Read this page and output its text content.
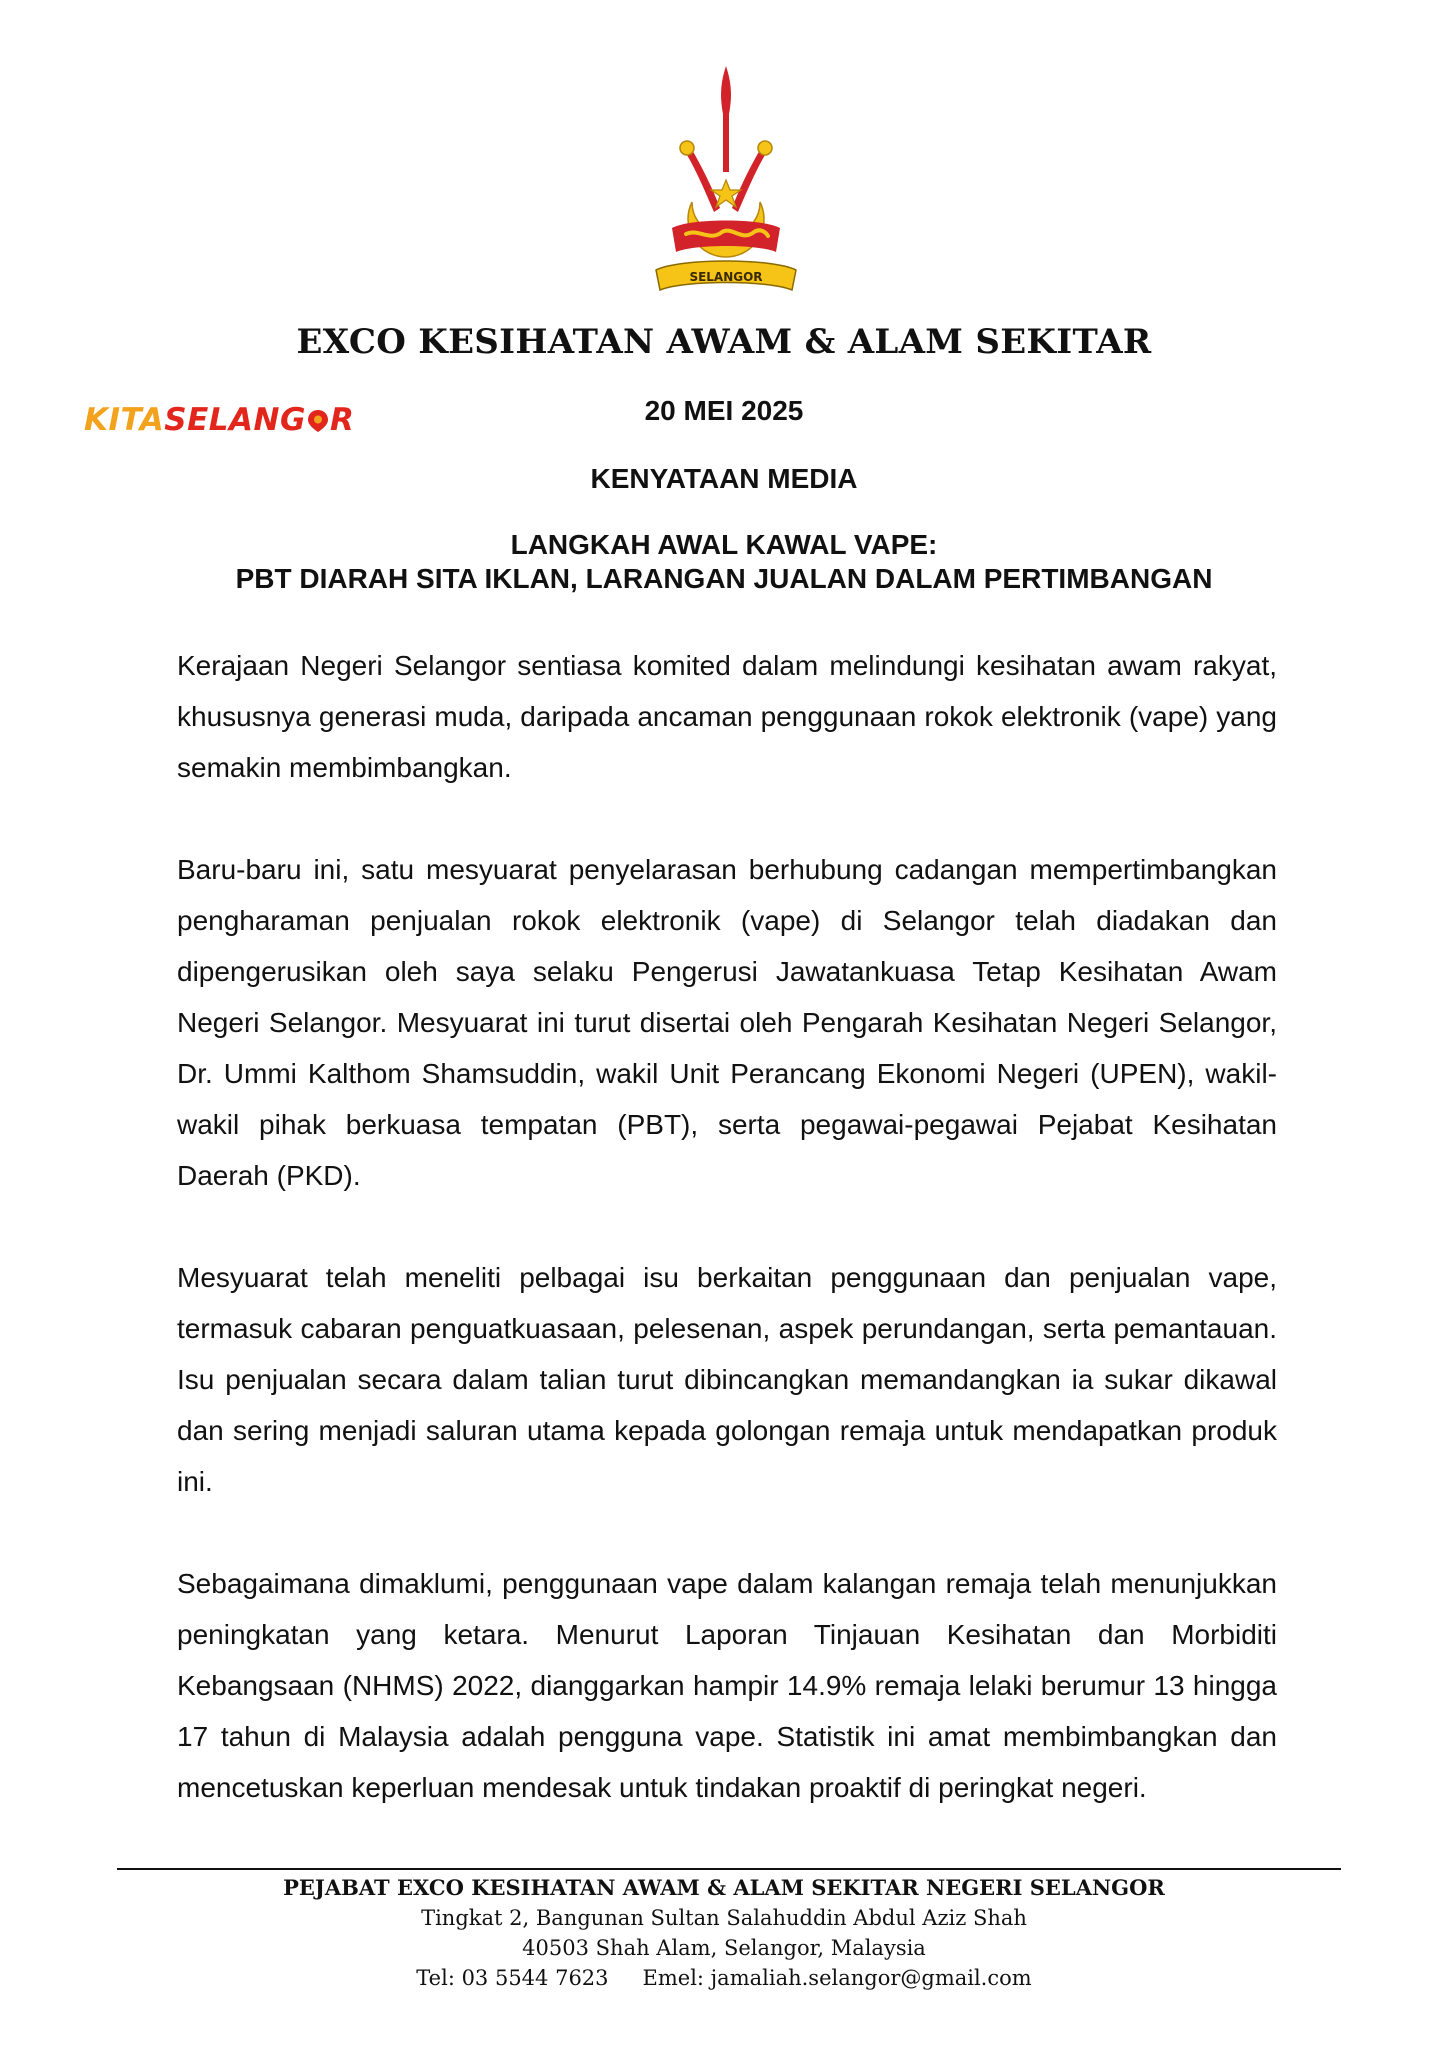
SELANGOR
EXCO KESIHATAN AWAM & ALAM SEKITAR
KITASELANG R	20 MEI 2025
KENYATAAN MEDIA
LANGKAH AWAL KAWAL VAPE:
PBT DIARAH SITA IKLAN, LARANGAN JUALAN DALAM PERTIMBANGAN

Kerajaan Negeri Selangor sentiasa komited dalam melindungi kesihatan awam rakyat, khususnya generasi muda, daripada ancaman penggunaan rokok elektronik (vape) yang semakin membimbangkan.

Baru-baru ini, satu mesyuarat penyelarasan berhubung cadangan mempertimbangkan pengharaman penjualan rokok elektronik (vape) di Selangor telah diadakan dan dipengerusikan oleh saya selaku Pengerusi Jawatankuasa Tetap Kesihatan Awam Negeri Selangor. Mesyuarat ini turut disertai oleh Pengarah Kesihatan Negeri Selangor, Dr. Ummi Kalthom Shamsuddin, wakil Unit Perancang Ekonomi Negeri (UPEN), wakil-wakil pihak berkuasa tempatan (PBT), serta pegawai-pegawai Pejabat Kesihatan Daerah (PKD).

Mesyuarat telah meneliti pelbagai isu berkaitan penggunaan dan penjualan vape, termasuk cabaran penguatkuasaan, pelesenan, aspek perundangan, serta pemantauan. Isu penjualan secara dalam talian turut dibincangkan memandangkan ia sukar dikawal dan sering menjadi saluran utama kepada golongan remaja untuk mendapatkan produk ini.

Sebagaimana dimaklumi, penggunaan vape dalam kalangan remaja telah menunjukkan peningkatan yang ketara. Menurut Laporan Tinjauan Kesihatan dan Morbiditi Kebangsaan (NHMS) 2022, dianggarkan hampir 14.9% remaja lelaki berumur 13 hingga 17 tahun di Malaysia adalah pengguna vape. Statistik ini amat membimbangkan dan mencetuskan keperluan mendesak untuk tindakan proaktif di peringkat negeri.

PEJABAT EXCO KESIHATAN AWAM & ALAM SEKITAR NEGERI SELANGOR
Tingkat 2, Bangunan Sultan Salahuddin Abdul Aziz Shah
40503 Shah Alam, Selangor, Malaysia
Tel: 03 5544 7623 Emel: jamaliah.selangor@gmail.com
